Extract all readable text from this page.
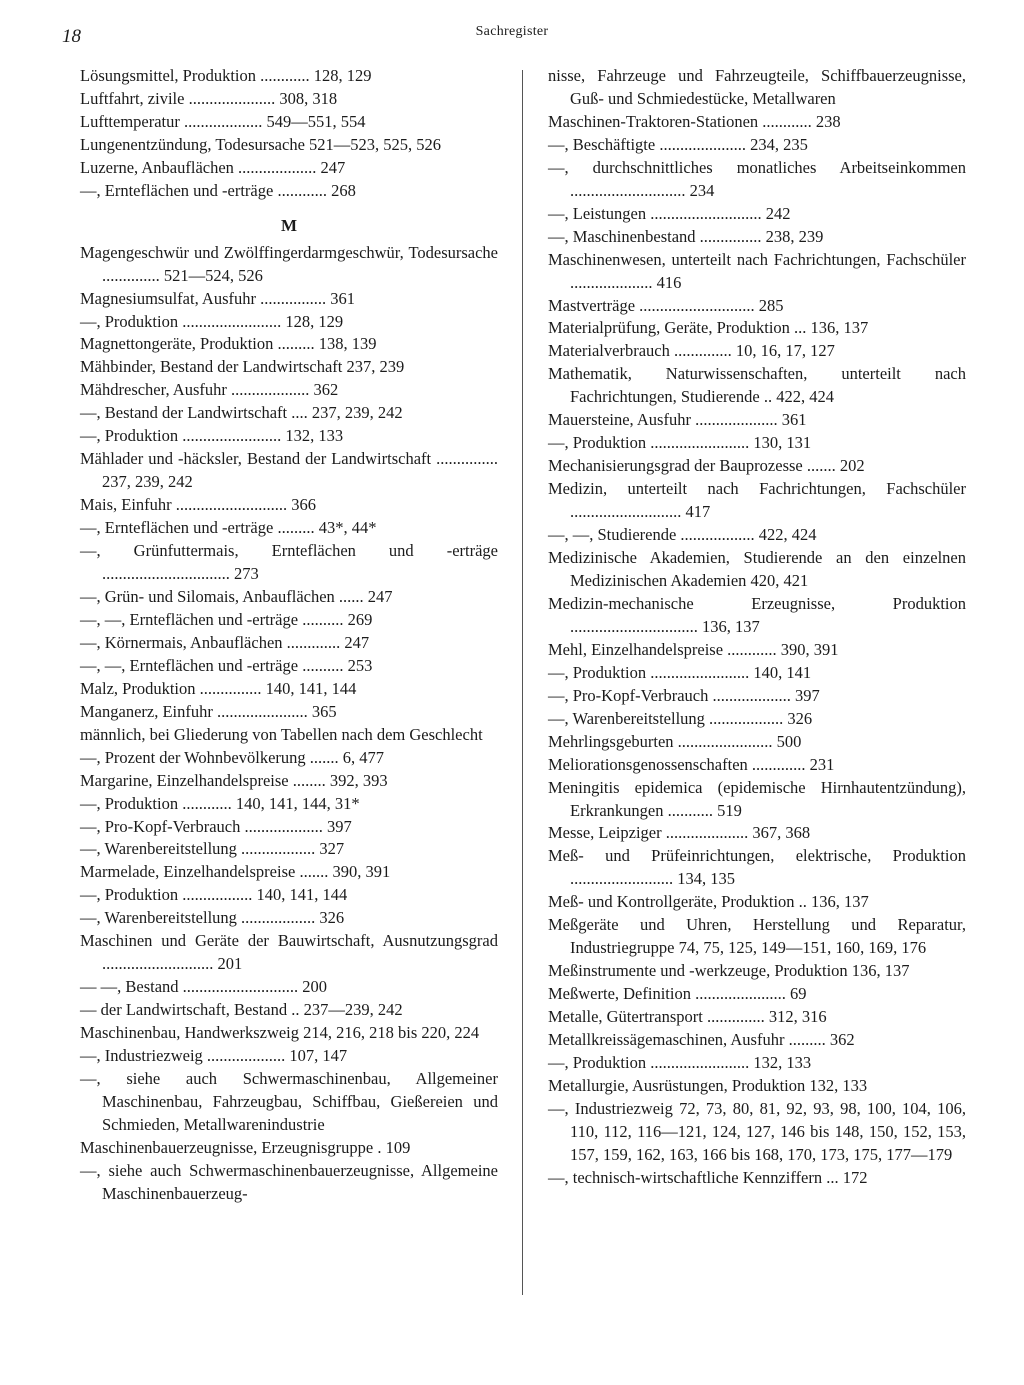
18	Sachregister
Lösungsmittel, Produktion ............ 128, 129
Luftfahrt, zivile ..................... 308, 318
Lufttemperatur ................... 549—551, 554
Lungenentzündung, Todesursache 521—523, 525, 526
Luzerne, Anbauflächen ................... 247
—, Ernteflächen und -erträge ............ 268
M
Magengeschwür und Zwölffingerdarmgeschwür, Todesursache .............. 521—524, 526
Magnesiumsulfat, Ausfuhr ................ 361
—, Produktion ........................ 128, 129
Magnettongeräte, Produktion ......... 138, 139
Mähbinder, Bestand der Landwirtschaft 237, 239
Mähdrescher, Ausfuhr ................... 362
—, Bestand der Landwirtschaft .... 237, 239, 242
—, Produktion ........................ 132, 133
Mählader und -häcksler, Bestand der Landwirtschaft ............... 237, 239, 242
Mais, Einfuhr ........................... 366
—, Ernteflächen und -erträge ......... 43*, 44*
—, Grünfuttermais, Ernteflächen und -erträge ............................... 273
—, Grün- und Silomais, Anbauflächen ...... 247
—, —, Ernteflächen und -erträge .......... 269
—, Körnermais, Anbauflächen ............. 247
—, —, Ernteflächen und -erträge .......... 253
Malz, Produktion ............... 140, 141, 144
Manganerz, Einfuhr ...................... 365
männlich, bei Gliederung von Tabellen nach dem Geschlecht
—, Prozent der Wohnbevölkerung ....... 6, 477
Margarine, Einzelhandelspreise ........ 392, 393
—, Produktion ............ 140, 141, 144, 31*
—, Pro-Kopf-Verbrauch ................... 397
—, Warenbereitstellung .................. 327
Marmelade, Einzelhandelspreise ....... 390, 391
—, Produktion ................. 140, 141, 144
—, Warenbereitstellung .................. 326
Maschinen und Geräte der Bauwirtschaft, Ausnutzungsgrad ........................... 201
— —, Bestand ............................ 200
— der Landwirtschaft, Bestand .. 237—239, 242
Maschinenbau, Handwerkszweig 214, 216, 218 bis 220, 224
—, Industriezweig ................... 107, 147
—, siehe auch Schwermaschinenbau, Allgemeiner Maschinenbau, Fahrzeugbau, Schiffbau, Gießereien und Schmieden, Metallwarenindustrie
Maschinenbauerzeugnisse, Erzeugnisgruppe . 109
—, siehe auch Schwermaschinenbauerzeugnisse, Allgemeine Maschinenbauerzeug-
nisse, Fahrzeuge und Fahrzeugteile, Schiffbauerzeugnisse, Guß- und Schmiedestücke, Metallwaren
Maschinen-Traktoren-Stationen ............ 238
—, Beschäftigte ..................... 234, 235
—, durchschnittliches monatliches Arbeitseinkommen ............................ 234
—, Leistungen ........................... 242
—, Maschinenbestand ............... 238, 239
Maschinenwesen, unterteilt nach Fachrichtungen, Fachschüler .................... 416
Mastverträge ............................ 285
Materialprüfung, Geräte, Produktion ... 136, 137
Materialverbrauch .............. 10, 16, 17, 127
Mathematik, Naturwissenschaften, unterteilt nach Fachrichtungen, Studierende .. 422, 424
Mauersteine, Ausfuhr .................... 361
—, Produktion ........................ 130, 131
Mechanisierungsgrad der Bauprozesse ....... 202
Medizin, unterteilt nach Fachrichtungen, Fachschüler ........................... 417
—, —, Studierende .................. 422, 424
Medizinische Akademien, Studierende an den einzelnen Medizinischen Akademien 420, 421
Medizin-mechanische Erzeugnisse, Produktion ............................... 136, 137
Mehl, Einzelhandelspreise ............ 390, 391
—, Produktion ........................ 140, 141
—, Pro-Kopf-Verbrauch ................... 397
—, Warenbereitstellung .................. 326
Mehrlingsgeburten ....................... 500
Meliorationsgenossenschaften ............. 231
Meningitis epidemica (epidemische Hirnhautentzündung), Erkrankungen ........... 519
Messe, Leipziger .................... 367, 368
Meß- und Prüfeinrichtungen, elektrische, Produktion ......................... 134, 135
Meß- und Kontrollgeräte, Produktion .. 136, 137
Meßgeräte und Uhren, Herstellung und Reparatur, Industriegruppe 74, 75, 125, 149—151, 160, 169, 176
Meßinstrumente und -werkzeuge, Produktion 136, 137
Meßwerte, Definition ...................... 69
Metalle, Gütertransport .............. 312, 316
Metallkreissägemaschinen, Ausfuhr ......... 362
—, Produktion ........................ 132, 133
Metallurgie, Ausrüstungen, Produktion 132, 133
—, Industriezweig 72, 73, 80, 81, 92, 93, 98, 100, 104, 106, 110, 112, 116—121, 124, 127, 146 bis 148, 150, 152, 153, 157, 159, 162, 163, 166 bis 168, 170, 173, 175, 177—179
—, technisch-wirtschaftliche Kennziffern ... 172
